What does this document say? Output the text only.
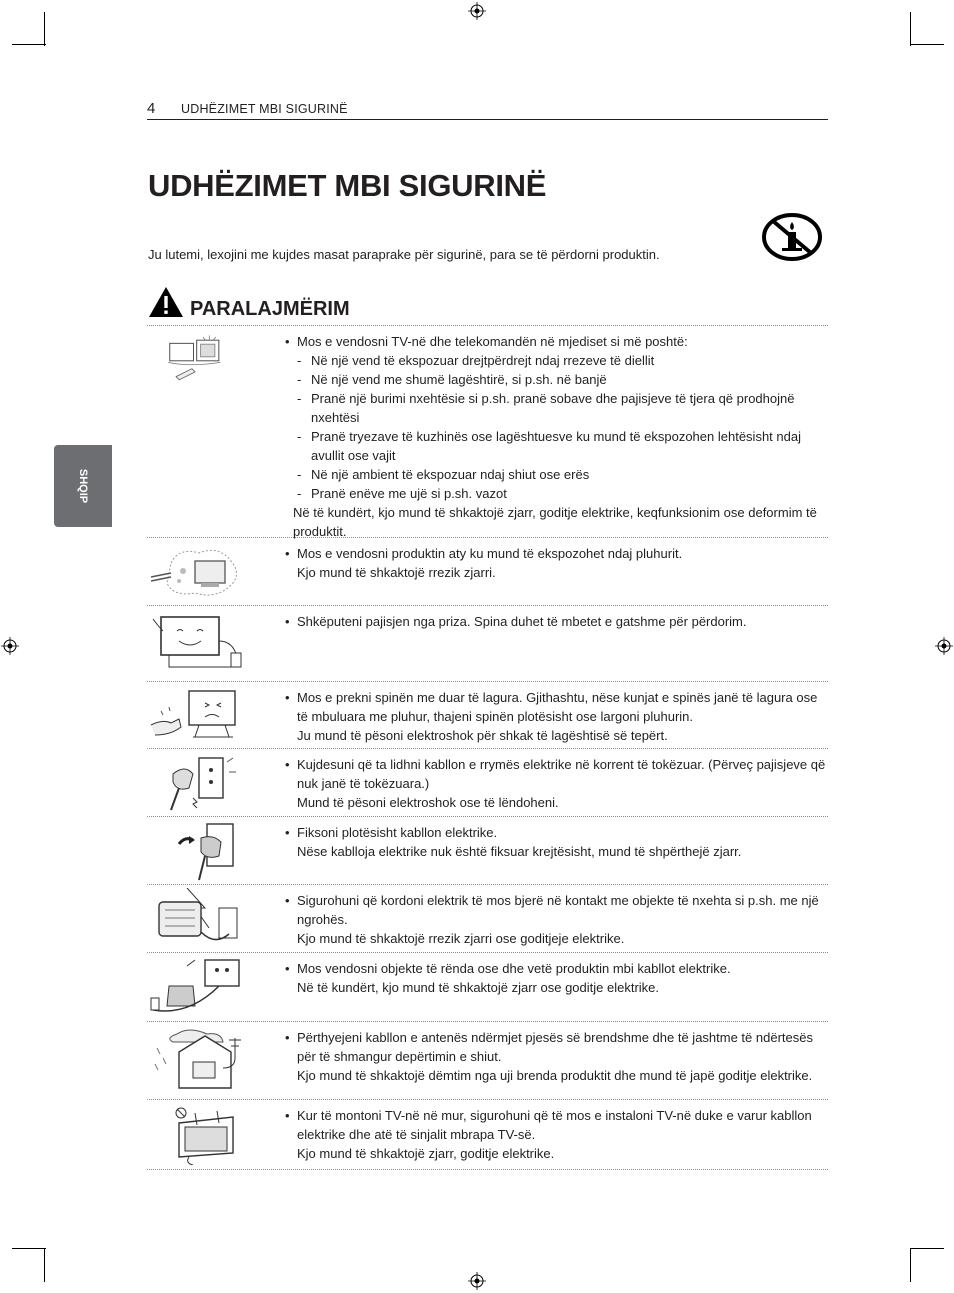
4 UDHËZIMET MBI SIGURINË
UDHËZIMET MBI SIGURINË
Ju lutemi, lexojini me kujdes masat paraprake për sigurinë, para se të përdorni produktin.
SHQIP
PARALAJMËRIM
• Mos e vendosni TV-në dhe telekomandën në mjediset si më poshtë:
- Në një vend të ekspozuar drejtpërdrejt ndaj rrezeve të diellit
- Në një vend me shumë lagështirë, si p.sh. në banjë
- Pranë një burimi nxehtësie si p.sh. pranë sobave dhe pajisjeve të tjera që prodhojnë nxehtësi
- Pranë tryezave të kuzhinës ose lagështuesve ku mund të ekspozohen lehtësisht ndaj avullit ose vajit
- Në një ambient të ekspozuar ndaj shiut ose erës
- Pranë enëve me ujë si p.sh. vazot
Në të kundërt, kjo mund të shkaktojë zjarr, goditje elektrike, keqfunksionim ose deformim të produktit.
• Mos e vendosni produktin aty ku mund të ekspozohet ndaj pluhurit.
Kjo mund të shkaktojë rrezik zjarri.
• Shkëputeni pajisjen nga priza. Spina duhet të mbetet e gatshme për përdorim.
• Mos e prekni spinën me duar të lagura. Gjithashtu, nëse kunjat e spinës janë të lagura ose të mbuluara me pluhur, thajeni spinën plotësisht ose largoni pluhurin.
Ju mund të pësoni elektroshok për shkak të lagështisë së tepërt.
• Kujdesuni që ta lidhni kabllon e rrymës elektrike në korrent të tokëzuar. (Përveç pajisjeve që nuk janë të tokëzuara.)
Mund të pësoni elektroshok ose të lëndoheni.
• Fiksoni plotësisht kabllon elektrike.
Nëse kablloja elektrike nuk është fiksuar krejtësisht, mund të shpërthejë zjarr.
• Sigurohuni që kordoni elektrik të mos bjerë në kontakt me objekte të nxehta si p.sh. me një ngrohës.
Kjo mund të shkaktojë rrezik zjarri ose goditjeje elektrike.
• Mos vendosni objekte të rënda ose dhe vetë produktin mbi kabllot elektrike.
Në të kundërt, kjo mund të shkaktojë zjarr ose goditje elektrike.
• Përthyejeni kabllon e antenës ndërmjet pjesës së brendshme dhe të jashtme të ndërtesës për të shmangur depërtimin e shiut.
Kjo mund të shkaktojë dëmtim nga uji brenda produktit dhe mund të japë goditje elektrike.
• Kur të montoni TV-në në mur, sigurohuni që të mos e instaloni TV-në duke e varur kabllon elektrike dhe atë të sinjalit mbrapa TV-së.
Kjo mund të shkaktojë zjarr, goditje elektrike.
